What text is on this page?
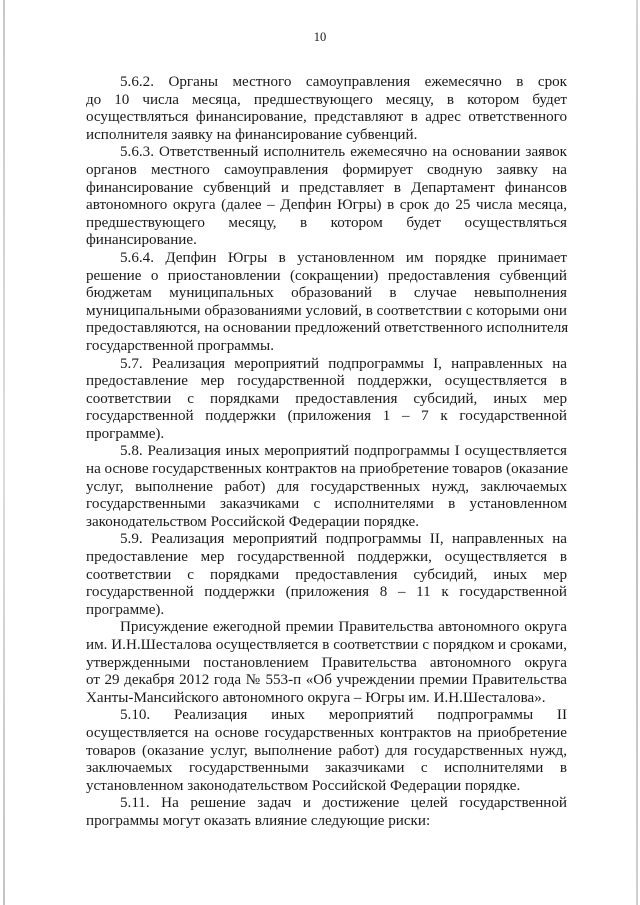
10
5.6.2. Органы местного самоуправления ежемесячно в срок
до 10 числа месяца, предшествующего месяцу, в котором будет
осуществляться финансирование, представляют в адрес ответственного
исполнителя заявку на финансирование субвенций.
5.6.3. Ответственный исполнитель ежемесячно на основании заявок
органов местного самоуправления формирует сводную заявку на
финансирование субвенций и представляет в Департамент финансов
автономного округа (далее – Депфин Югры) в срок до 25 числа месяца,
предшествующего месяцу, в котором будет осуществляться
финансирование.
5.6.4. Депфин Югры в установленном им порядке принимает
решение о приостановлении (сокращении) предоставления субвенций
бюджетам муниципальных образований в случае невыполнения
муниципальными образованиями условий, в соответствии с которыми они
предоставляются, на основании предложений ответственного исполнителя
государственной программы.
5.7. Реализация мероприятий подпрограммы I, направленных на
предоставление мер государственной поддержки, осуществляется в
соответствии с порядками предоставления субсидий, иных мер
государственной поддержки (приложения 1 – 7 к государственной
программе).
5.8. Реализация иных мероприятий подпрограммы I осуществляется
на основе государственных контрактов на приобретение товаров (оказание
услуг, выполнение работ) для государственных нужд, заключаемых
государственными заказчиками с исполнителями в установленном
законодательством Российской Федерации порядке.
5.9. Реализация мероприятий подпрограммы II, направленных на
предоставление мер государственной поддержки, осуществляется в
соответствии с порядками предоставления субсидий, иных мер
государственной поддержки (приложения 8 – 11 к государственной
программе).
Присуждение ежегодной премии Правительства автономного округа
им. И.Н.Шесталова осуществляется в соответствии с порядком и сроками,
утвержденными постановлением Правительства автономного округа
от 29 декабря 2012 года № 553-п «Об учреждении премии Правительства
Ханты-Мансийского автономного округа – Югры им. И.Н.Шесталова».
5.10. Реализация иных мероприятий подпрограммы II
осуществляется на основе государственных контрактов на приобретение
товаров (оказание услуг, выполнение работ) для государственных нужд,
заключаемых государственными заказчиками с исполнителями в
установленном законодательством Российской Федерации порядке.
5.11. На решение задач и достижение целей государственной
программы могут оказать влияние следующие риски:
